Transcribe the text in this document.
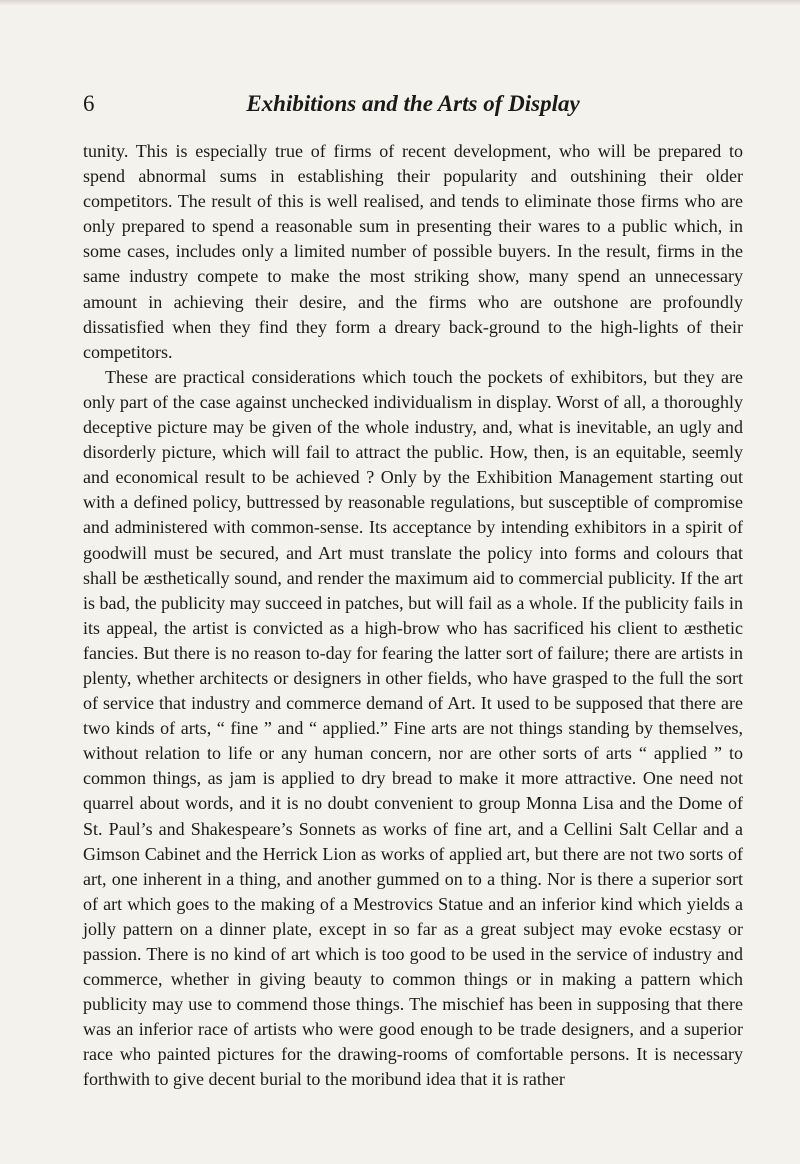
6	Exhibitions and the Arts of Display

tunity. This is especially true of firms of recent development, who will be prepared to spend abnormal sums in establishing their popularity and outshining their older competitors. The result of this is well realised, and tends to eliminate those firms who are only prepared to spend a reasonable sum in presenting their wares to a public which, in some cases, includes only a limited number of possible buyers. In the result, firms in the same industry compete to make the most striking show, many spend an unnecessary amount in achieving their desire, and the firms who are outshone are profoundly dissatisfied when they find they form a dreary back-ground to the high-lights of their competitors.

These are practical considerations which touch the pockets of exhibitors, but they are only part of the case against unchecked individualism in display. Worst of all, a thoroughly deceptive picture may be given of the whole industry, and, what is inevitable, an ugly and disorderly picture, which will fail to attract the public. How, then, is an equitable, seemly and economical result to be achieved ? Only by the Exhibition Management starting out with a defined policy, buttressed by reasonable regulations, but susceptible of compromise and administered with common-sense. Its acceptance by intending exhibitors in a spirit of goodwill must be secured, and Art must translate the policy into forms and colours that shall be æsthetically sound, and render the maximum aid to commercial publicity. If the art is bad, the publicity may succeed in patches, but will fail as a whole. If the publicity fails in its appeal, the artist is convicted as a high-brow who has sacrificed his client to æsthetic fancies. But there is no reason to-day for fearing the latter sort of failure; there are artists in plenty, whether architects or designers in other fields, who have grasped to the full the sort of service that industry and commerce demand of Art. It used to be supposed that there are two kinds of arts, “ fine ” and “ applied.” Fine arts are not things standing by themselves, without relation to life or any human concern, nor are other sorts of arts “ applied ” to common things, as jam is applied to dry bread to make it more attractive. One need not quarrel about words, and it is no doubt convenient to group Monna Lisa and the Dome of St. Paul’s and Shakespeare’s Sonnets as works of fine art, and a Cellini Salt Cellar and a Gimson Cabinet and the Herrick Lion as works of applied art, but there are not two sorts of art, one inherent in a thing, and another gummed on to a thing. Nor is there a superior sort of art which goes to the making of a Mestrovics Statue and an inferior kind which yields a jolly pattern on a dinner plate, except in so far as a great subject may evoke ecstasy or passion. There is no kind of art which is too good to be used in the service of industry and commerce, whether in giving beauty to common things or in making a pattern which publicity may use to commend those things. The mischief has been in supposing that there was an inferior race of artists who were good enough to be trade designers, and a superior race who painted pictures for the drawing-rooms of comfortable persons. It is necessary forthwith to give decent burial to the moribund idea that it is rather
